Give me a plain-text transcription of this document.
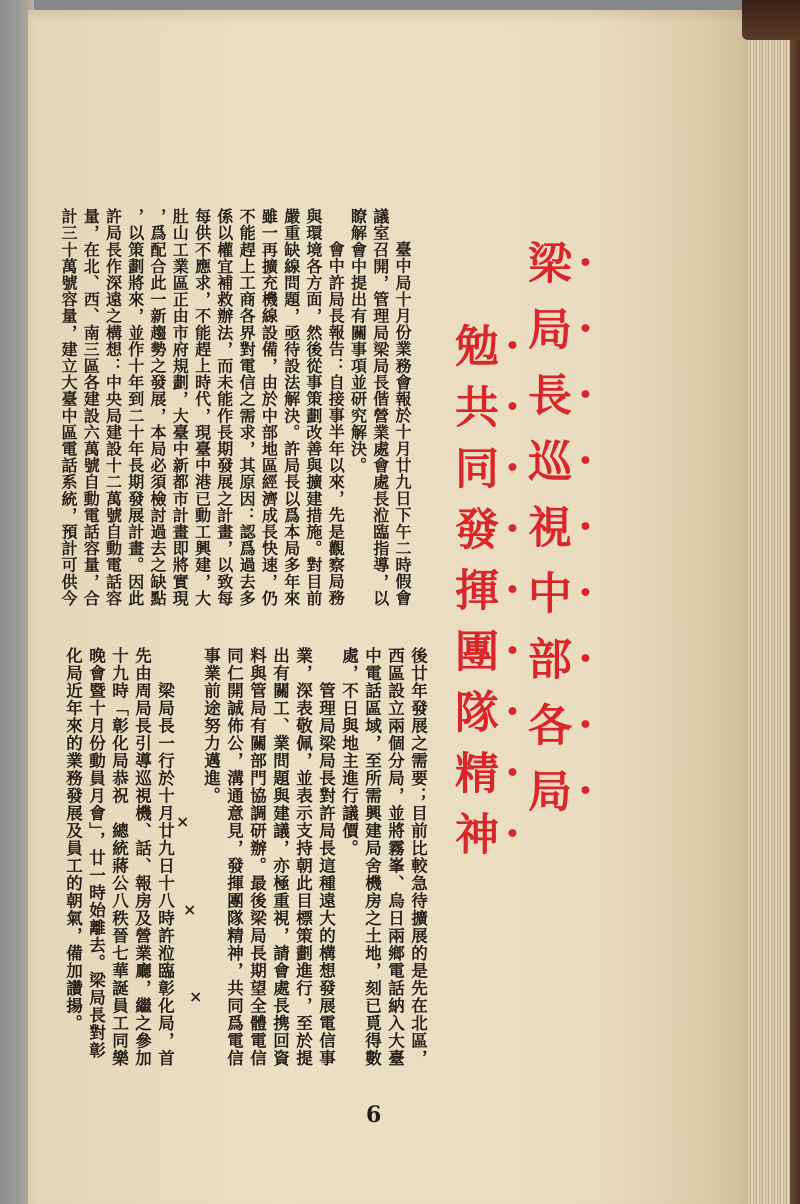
梁局長巡視中部各局
勉共同發揮團隊精神
臺中局十月份業務會報於十月廿九日下午二時假會
議室召開，管理局梁局長偕營業處會處長涖臨指導，以
瞭解會中提出有關事項並研究解決。
會中許局長報告：自接事半年以來，先是觀察局務
與環境各方面，然後從事策劃改善與擴建措施。對目前
嚴重缺線問題，亟待設法解決。許局長以爲本局多年來
雖一再擴充機線設備，由於中部地區經濟成長快速，仍
不能趕上工商各界對電信之需求，其原因：認爲過去多
係以權宜補救辦法，而未能作長期發展之計畫，以致每
每供不應求，不能趕上時代，現臺中港已動工興建，大
肚山工業區正由市府規劃，大臺中新都市計畫即將實現
，爲配合此一新趨勢之發展，本局必須檢討過去之缺點
，以策劃將來，並作十年到二十年長期發展計畫。因此
許局長作深遠之構想：中央局建設十二萬號自動電話容
量，在北、西、南三區各建設六萬號自動電話容量，合
計三十萬號容量，建立大臺中區電話系統，預計可供今
後廿年發展之需要；目前比較急待擴展的是先在北區，
西區設立兩個分局，並將霧峯、烏日兩鄉電話納入大臺
中電話區域，至所需興建局舍機房之土地，刻已覓得數
處，不日與地主進行議價。
管理局梁局長對許局長這種遠大的構想發展電信事
業，深表敬佩，並表示支持朝此目標策劃進行，至於提
出有關工、業問題與建議，亦極重視，請會處長携回資
料與管局有關部門協調研辦。最後梁局長期望全體電信
同仁開誠佈公，溝通意見，發揮團隊精神，共同爲電信
事業前途努力邁進。
×
×
×
梁局長一行於十月廿九日十八時許涖臨彰化局，首
先由周局長引導巡視機、話、報房及營業廳，繼之參加
十九時「彰化局恭祝　總統蔣公八秩晉七華誕員工同樂
晚會暨十月份動員月會」，廿一時始離去。梁局長對彰
化局近年來的業務發展及員工的朝氣，備加讚揚。
6
